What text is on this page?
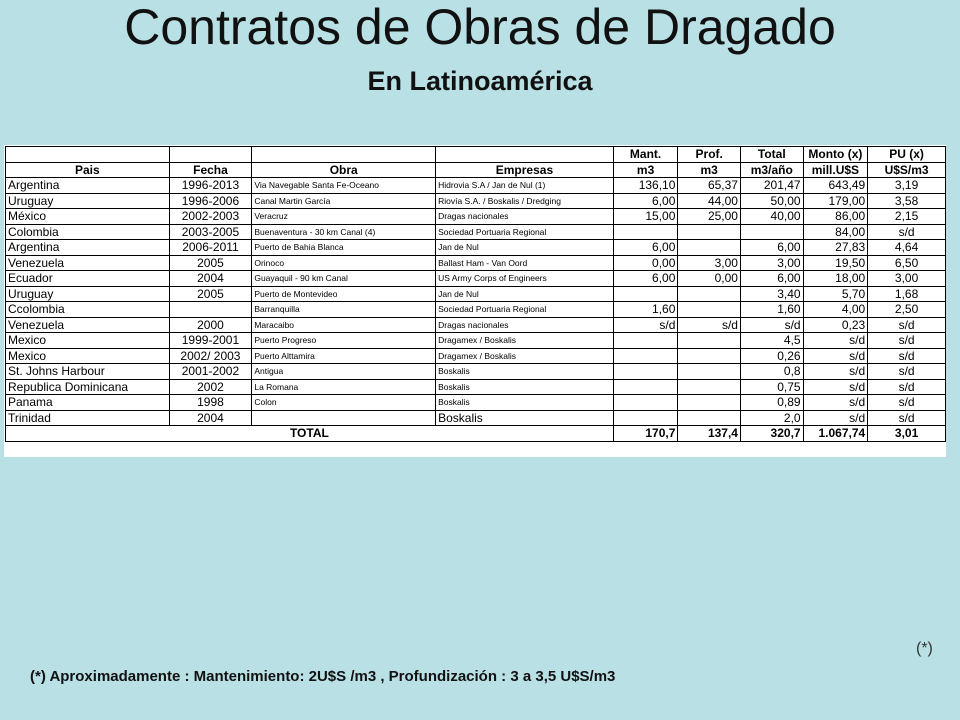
Contratos de Obras de Dragado
En Latinoamérica
				Mant.	Prof.	Total	Monto (x)	PU (x)
Pais	Fecha	Obra	Empresas	m3	m3	m3/año	mill.U$S	U$S/m3
Argentina	1996-2013	Via Navegable Santa Fe-Oceano	Hidrovia S.A / Jan de Nul (1)	136,10	65,37	201,47	643,49	3,19
Uruguay	1996-2006	Canal Martin García	Riovía S.A. / Boskalis / Dredging	6,00	44,00	50,00	179,00	3,58
México	2002-2003	Veracruz	Dragas nacionales	15,00	25,00	40,00	86,00	2,15
Colombia	2003-2005	Buenaventura - 30 km Canal (4)	Sociedad Portuaria Regional				84,00	s/d
Argentina	2006-2011	Puerto de Bahia Blanca	Jan de Nul	6,00		6,00	27,83	4,64
Venezuela	2005	Orinoco	Ballast Ham - Van Oord	0,00	3,00	3,00	19,50	6,50
Ecuador	2004	Guayaquil - 90 km Canal	US Army Corps of Engineers	6,00	0,00	6,00	18,00	3,00
Uruguay	2005	Puerto de Montevideo	Jan de Nul			3,40	5,70	1,68
Ccolombia		Barranquilla	Sociedad Portuaria Regional	1,60		1,60	4,00	2,50
Venezuela	2000	Maracaibo	Dragas nacionales	s/d	s/d	s/d	0,23	s/d
Mexico	1999-2001	Puerto Progreso	Dragamex / Boskalis			4,5	s/d	s/d
Mexico	2002/ 2003	Puerto Alttamira	Dragamex / Boskalis			0,26	s/d	s/d
St. Johns Harbour	2001-2002	Antigua	Boskalis			0,8	s/d	s/d
Republica Dominicana	2002	La Romana	Boskalis			0,75	s/d	s/d
Panama	1998	Colon	Boskalis			0,89	s/d	s/d
Trinidad	2004		Boskalis			2,0	s/d	s/d
TOTAL				170,7	137,4	320,7	1.067,74	3,01
(*)
(*) Aproximadamente : Mantenimiento: 2U$S /m3 , Profundización : 3 a 3,5 U$S/m3
